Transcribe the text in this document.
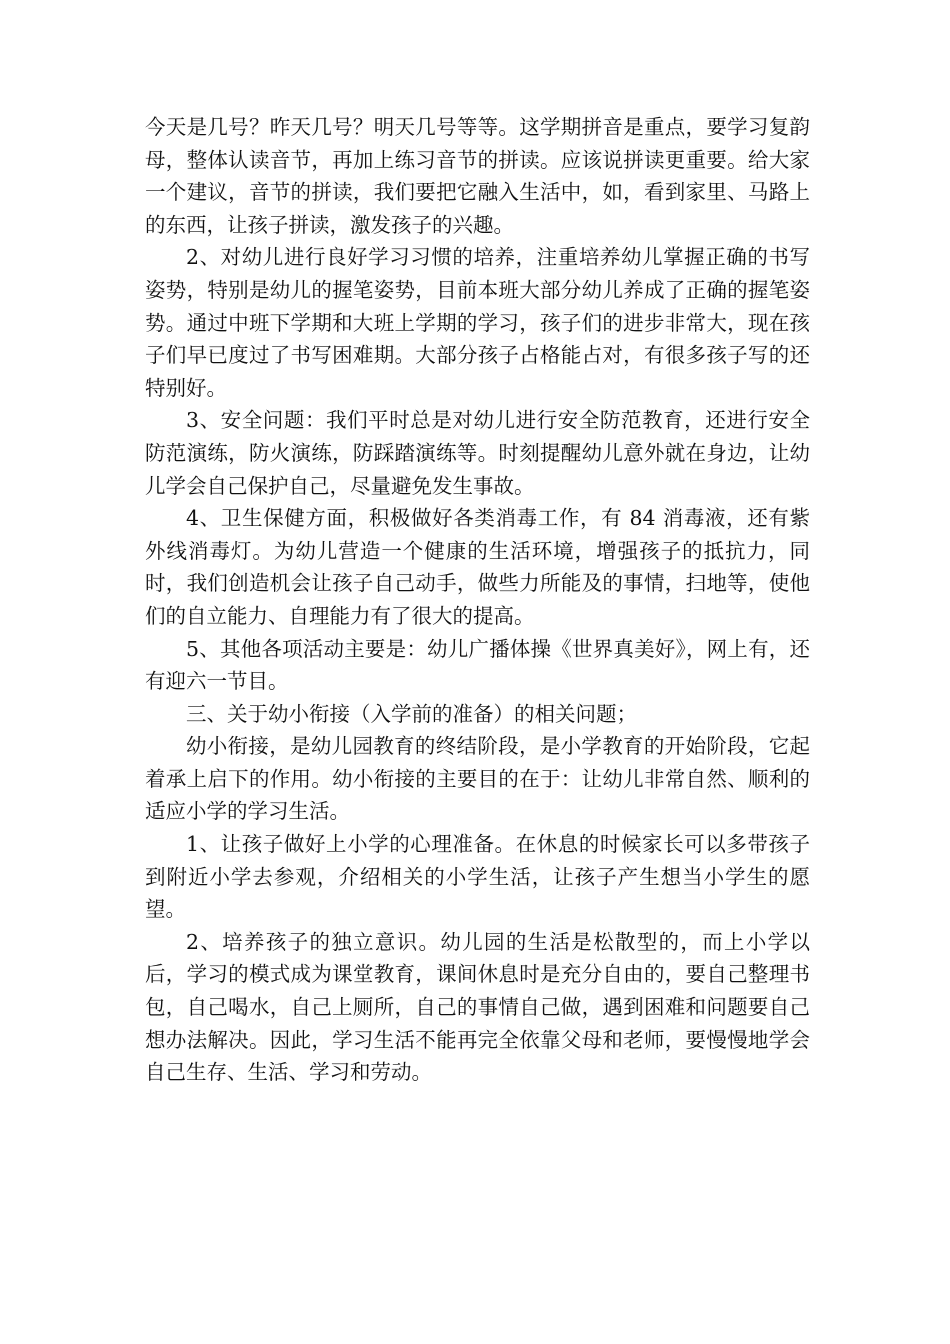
今天是几号？昨天几号？明天几号等等。这学期拼音是重点，要学习复韵母，整体认读音节，再加上练习音节的拼读。应该说拼读更重要。给大家一个建议，音节的拼读，我们要把它融入生活中，如，看到家里、马路上的东西，让孩子拼读，激发孩子的兴趣。

2、对幼儿进行良好学习习惯的培养，注重培养幼儿掌握正确的书写姿势，特别是幼儿的握笔姿势，目前本班大部分幼儿养成了正确的握笔姿势。通过中班下学期和大班上学期的学习，孩子们的进步非常大，现在孩子们早已度过了书写困难期。大部分孩子占格能占对，有很多孩子写的还特别好。

3、安全问题：我们平时总是对幼儿进行安全防范教育，还进行安全防范演练，防火演练，防踩踏演练等。时刻提醒幼儿意外就在身边，让幼儿学会自己保护自己，尽量避免发生事故。

4、卫生保健方面，积极做好各类消毒工作，有 84 消毒液，还有紫外线消毒灯。为幼儿营造一个健康的生活环境，增强孩子的抵抗力，同时，我们创造机会让孩子自己动手，做些力所能及的事情，扫地等，使他们的自立能力、自理能力有了很大的提高。

5、其他各项活动主要是：幼儿广播体操《世界真美好》，网上有，还有迎六一节目。

三、关于幼小衔接（入学前的准备）的相关问题；

幼小衔接，是幼儿园教育的终结阶段，是小学教育的开始阶段，它起着承上启下的作用。幼小衔接的主要目的在于：让幼儿非常自然、顺利的适应小学的学习生活。

1、让孩子做好上小学的心理准备。在休息的时候家长可以多带孩子到附近小学去参观，介绍相关的小学生活，让孩子产生想当小学生的愿望。

2、培养孩子的独立意识。幼儿园的生活是松散型的，而上小学以后，学习的模式成为课堂教育，课间休息时是充分自由的，要自己整理书包，自己喝水，自己上厕所，自己的事情自己做，遇到困难和问题要自己想办法解决。因此，学习生活不能再完全依靠父母和老师，要慢慢地学会自己生存、生活、学习和劳动。
